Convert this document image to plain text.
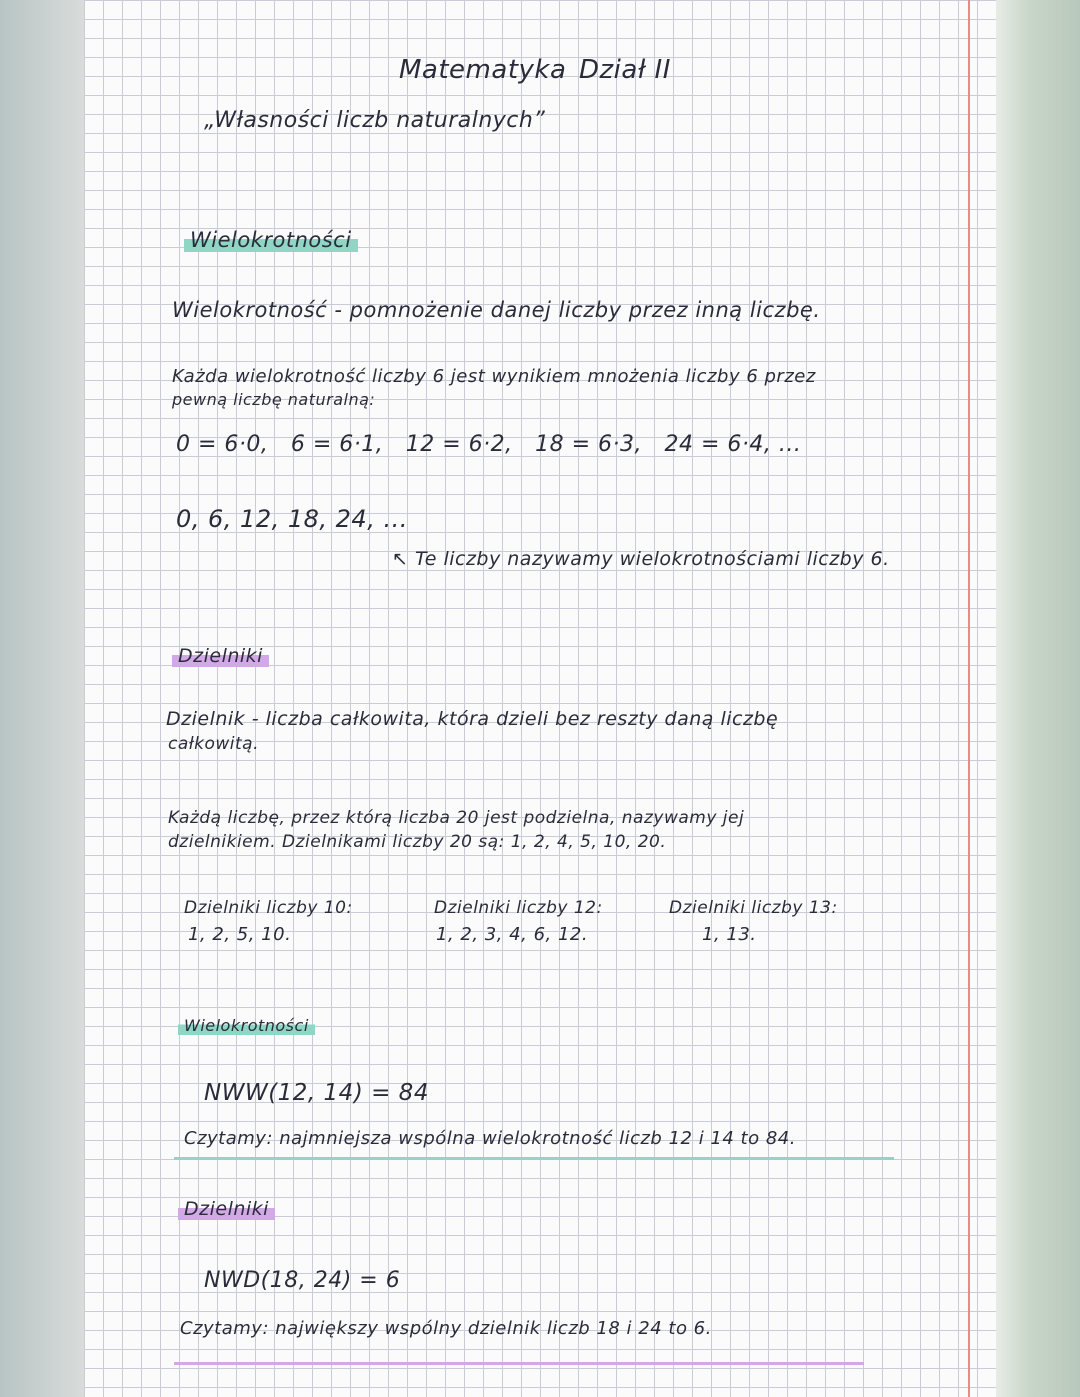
Matematyka Dział II
„Własności liczb naturalnych”
Wielokrotności
Wielokrotność - pomnożenie danej liczby przez inną liczbę.
Każda wielokrotność liczby 6 jest wynikiem mnożenia liczby 6 przez
pewną liczbę naturalną:
0 = 6·0,   6 = 6·1,   12 = 6·2,   18 = 6·3,   24 = 6·4, ...
0, 6, 12, 18, 24, ...
↖ Te liczby nazywamy wielokrotnościami liczby 6.
Dzielniki
Dzielnik - liczba całkowita, która dzieli bez reszty daną liczbę
całkowitą.
Każdą liczbę, przez którą liczba 20 jest podzielna, nazywamy jej
dzielnikiem. Dzielnikami liczby 20 są: 1, 2, 4, 5, 10, 20.
Dzielniki liczby 10:
1, 2, 5, 10.
Dzielniki liczby 12:
1, 2, 3, 4, 6, 12.
Dzielniki liczby 13:
1, 13.
Wielokrotności
NWW(12, 14) = 84
Czytamy: najmniejsza wspólna wielokrotność liczb 12 i 14 to 84.
Dzielniki
NWD(18, 24) = 6
Czytamy: największy wspólny dzielnik liczb 18 i 24 to 6.
